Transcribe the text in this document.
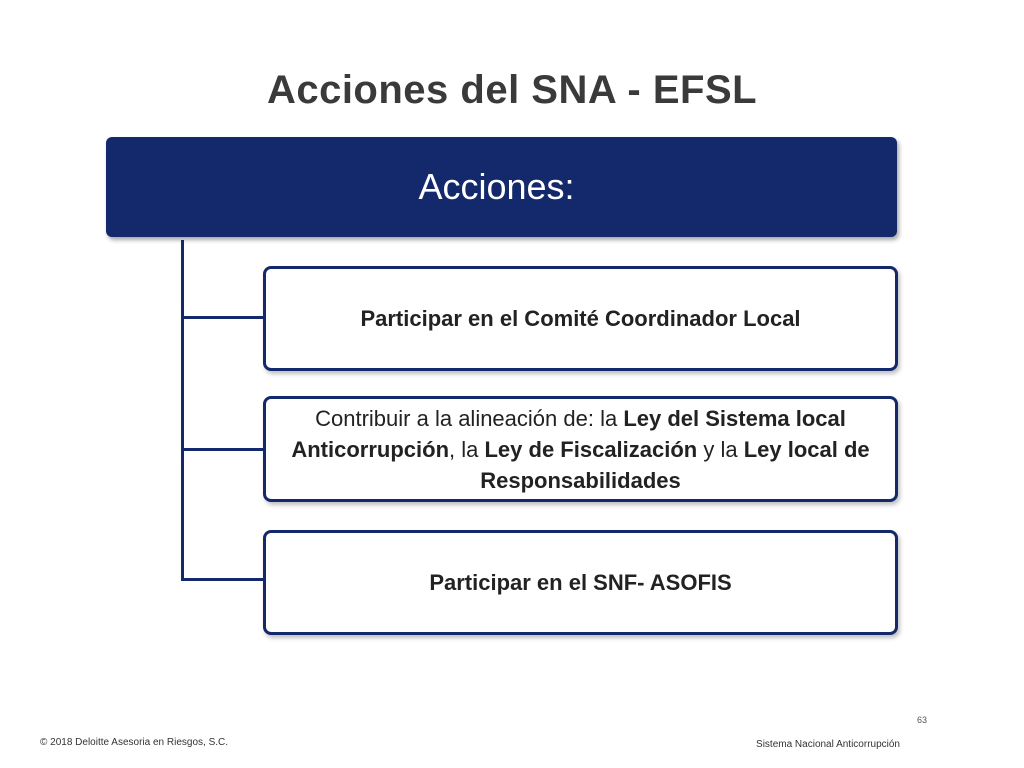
Acciones del SNA - EFSL
Acciones:
Participar en el Comité Coordinador Local
Contribuir a la alineación de: la Ley del Sistema local Anticorrupción, la Ley de Fiscalización y la Ley local de Responsabilidades
Participar en el SNF- ASOFIS
63
© 2018 Deloitte Asesoria en Riesgos, S.C.	Sistema Nacional Anticorrupción
